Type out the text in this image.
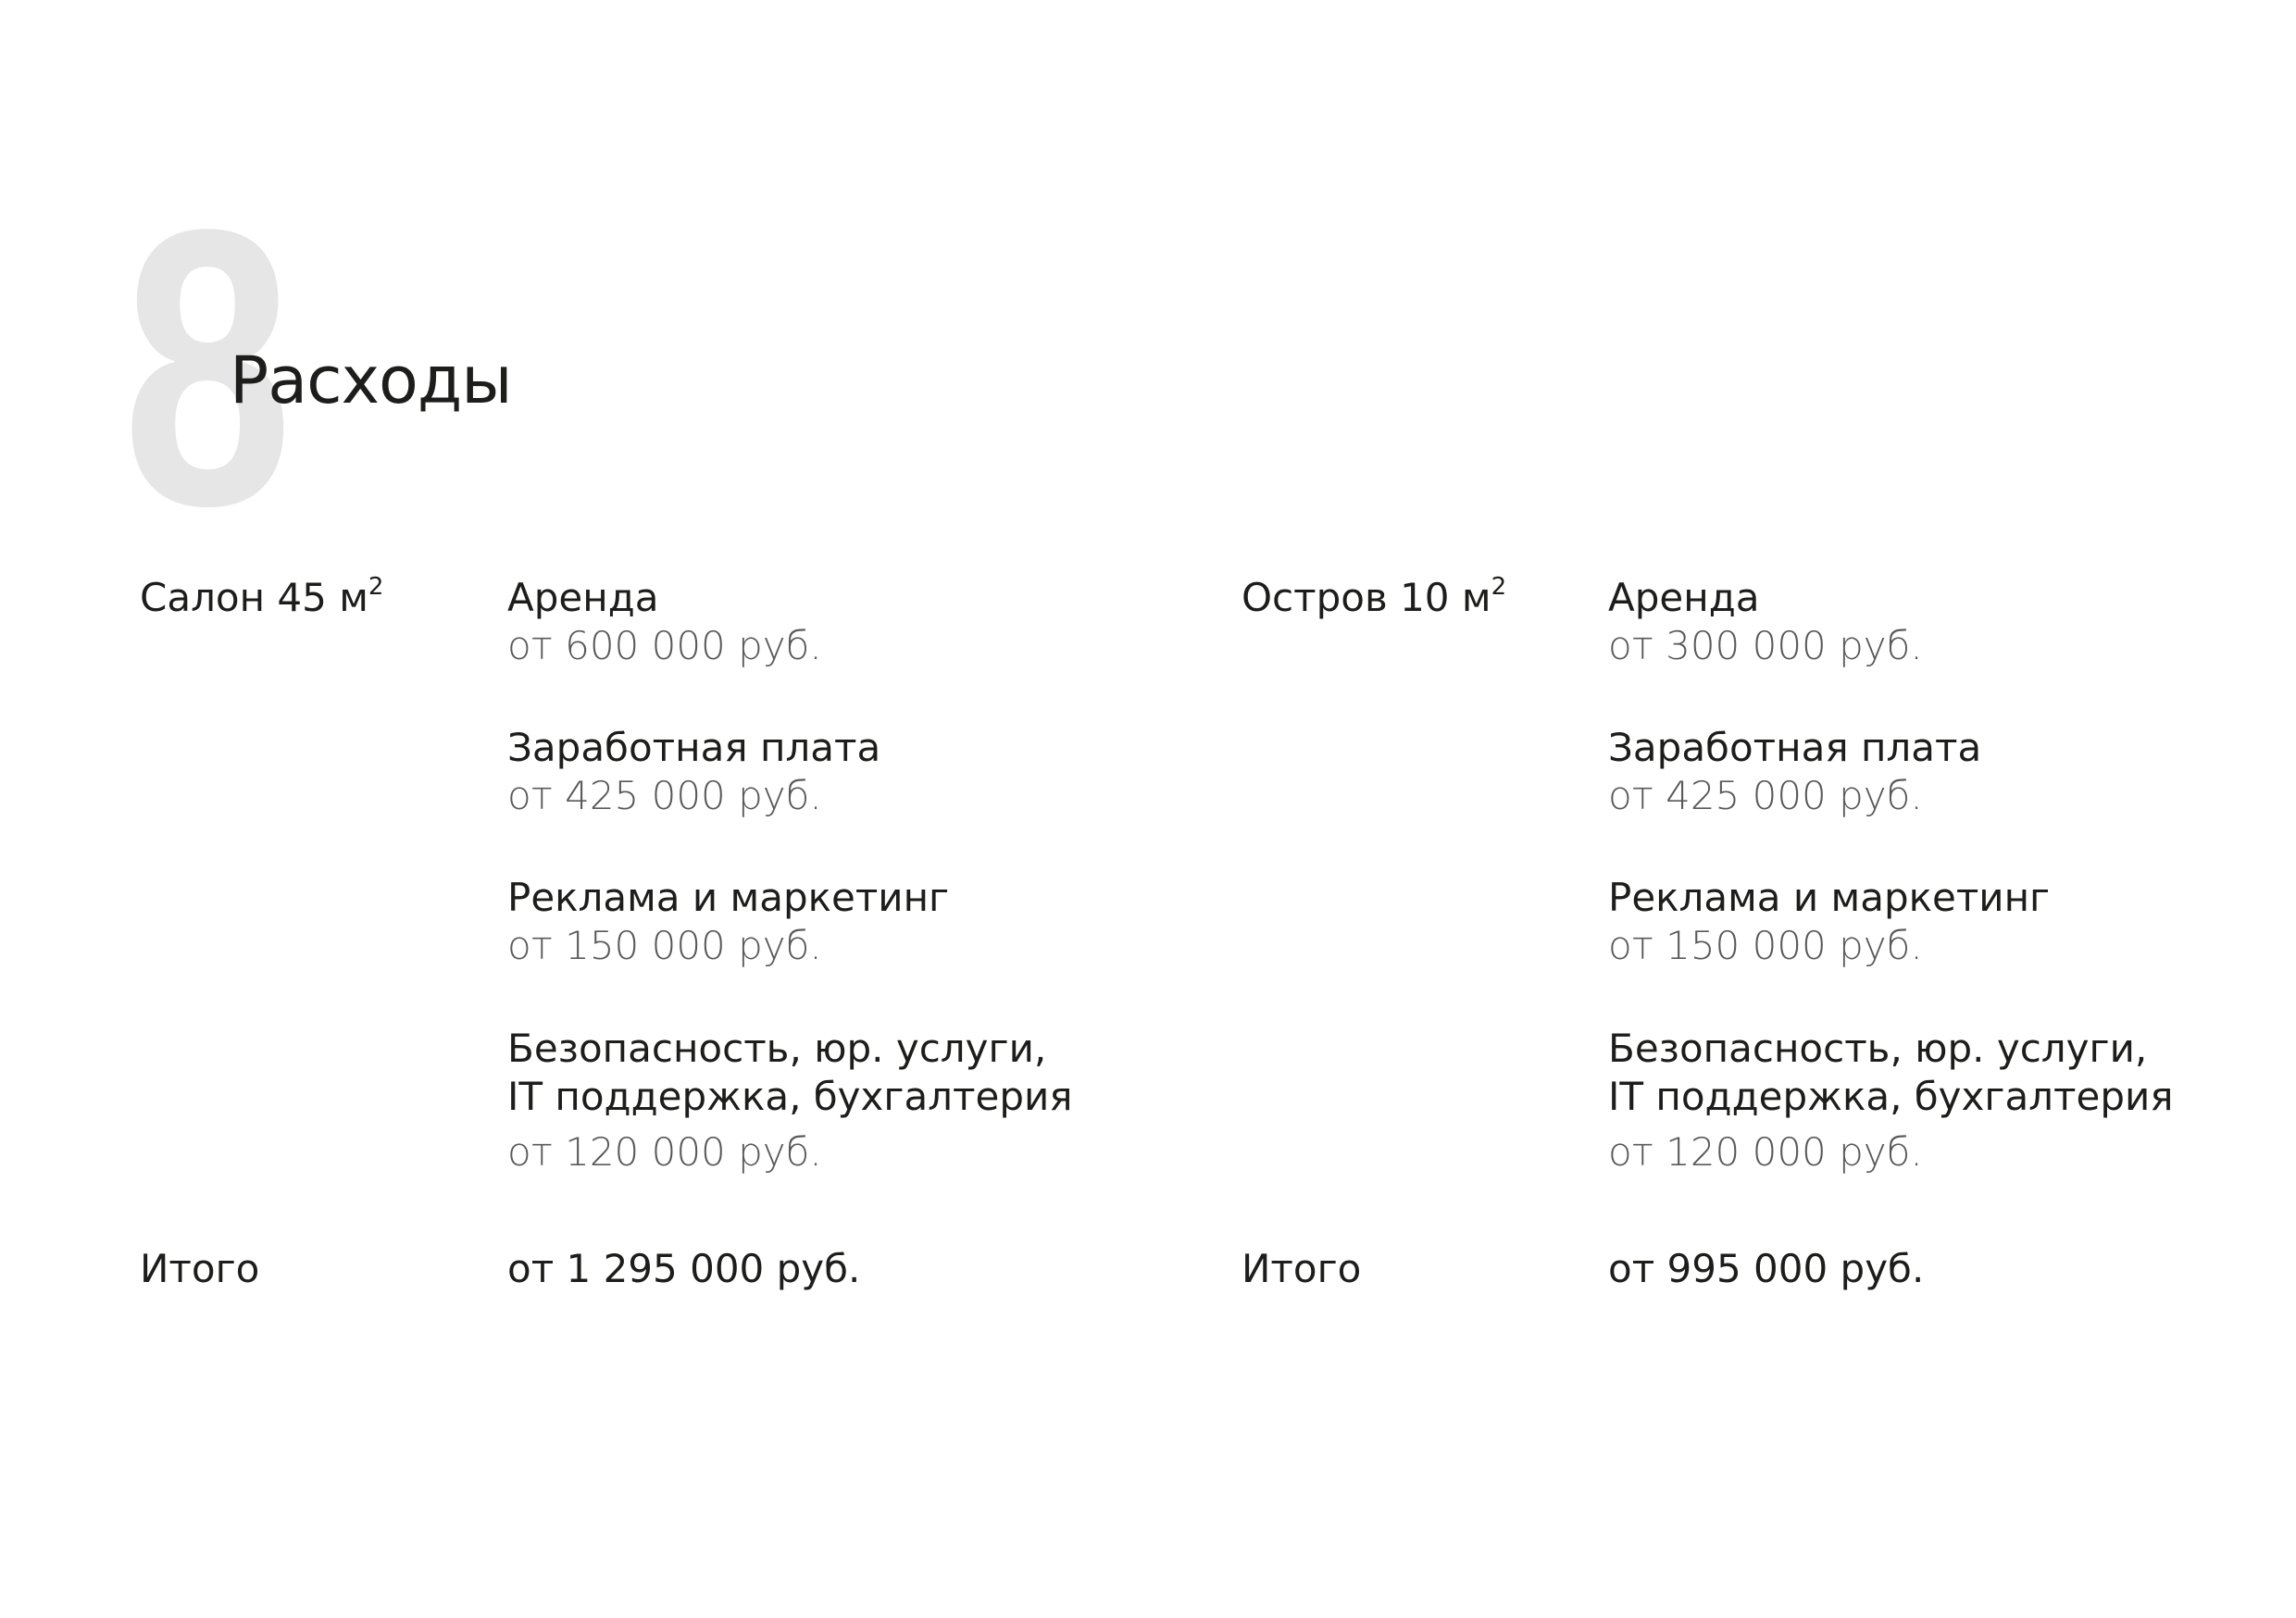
8
Расходы
Салон 45 $м^2$	Аренда
от 600 000 руб.
Заработная плата
от 425 000 руб.
Реклама и маркетинг
от 150 000 руб.
Безопасность, юр. услуги,
IT поддержка, бухгалтерия
от 120 000 руб.
Итого	от 1 295 000 руб.
Остров 10 $м^2$	Аренда
от 300 000 руб.
Заработная плата
от 425 000 руб.
Реклама и маркетинг
от 150 000 руб.
Безопасность, юр. услуги,
IT поддержка, бухгалтерия
от 120 000 руб.
Итого	от 995 000 руб.
